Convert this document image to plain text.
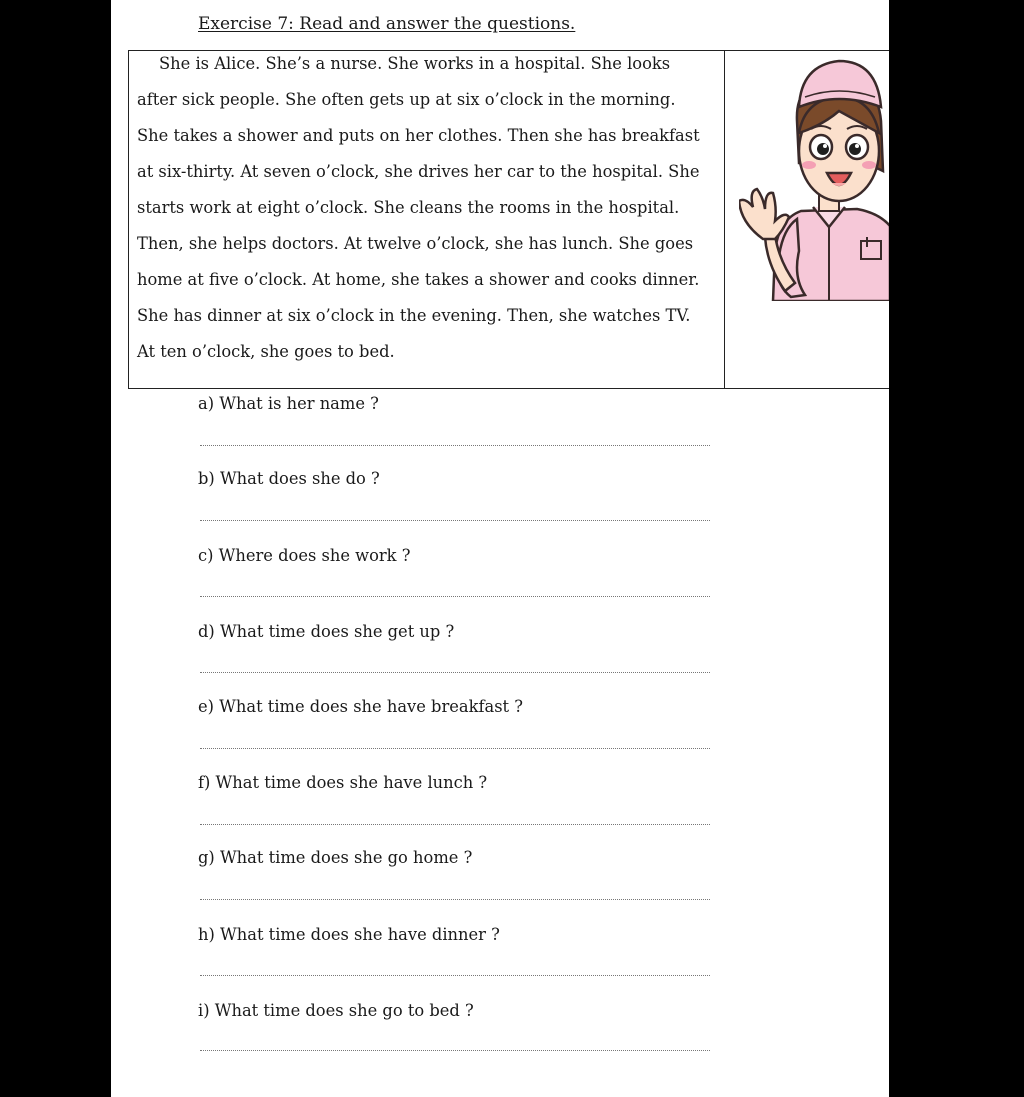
Exercise 7: Read and answer the questions.
She is Alice. She’s a nurse. She works in a hospital. She looks
after sick people. She often gets up at six o’clock in the morning.
She takes a shower and puts on her clothes. Then she has breakfast
at six-thirty. At seven o’clock, she drives her car to the hospital. She
starts work at eight o’clock. She cleans the rooms in the hospital.
Then, she helps doctors. At twelve o’clock, she has lunch. She goes
home at five o’clock. At home, she takes a shower and cooks dinner.
She has dinner at six o’clock in the evening. Then, she watches TV.
At ten o’clock, she goes to bed.
a) What is her name ?
b) What does she do ?
c) Where does she work ?
d) What time does she get up ?
e) What time does she have breakfast ?
f) What time does she have lunch ?
g) What time does she go home ?
h) What time does she have dinner ?
i) What time does she go to bed ?
